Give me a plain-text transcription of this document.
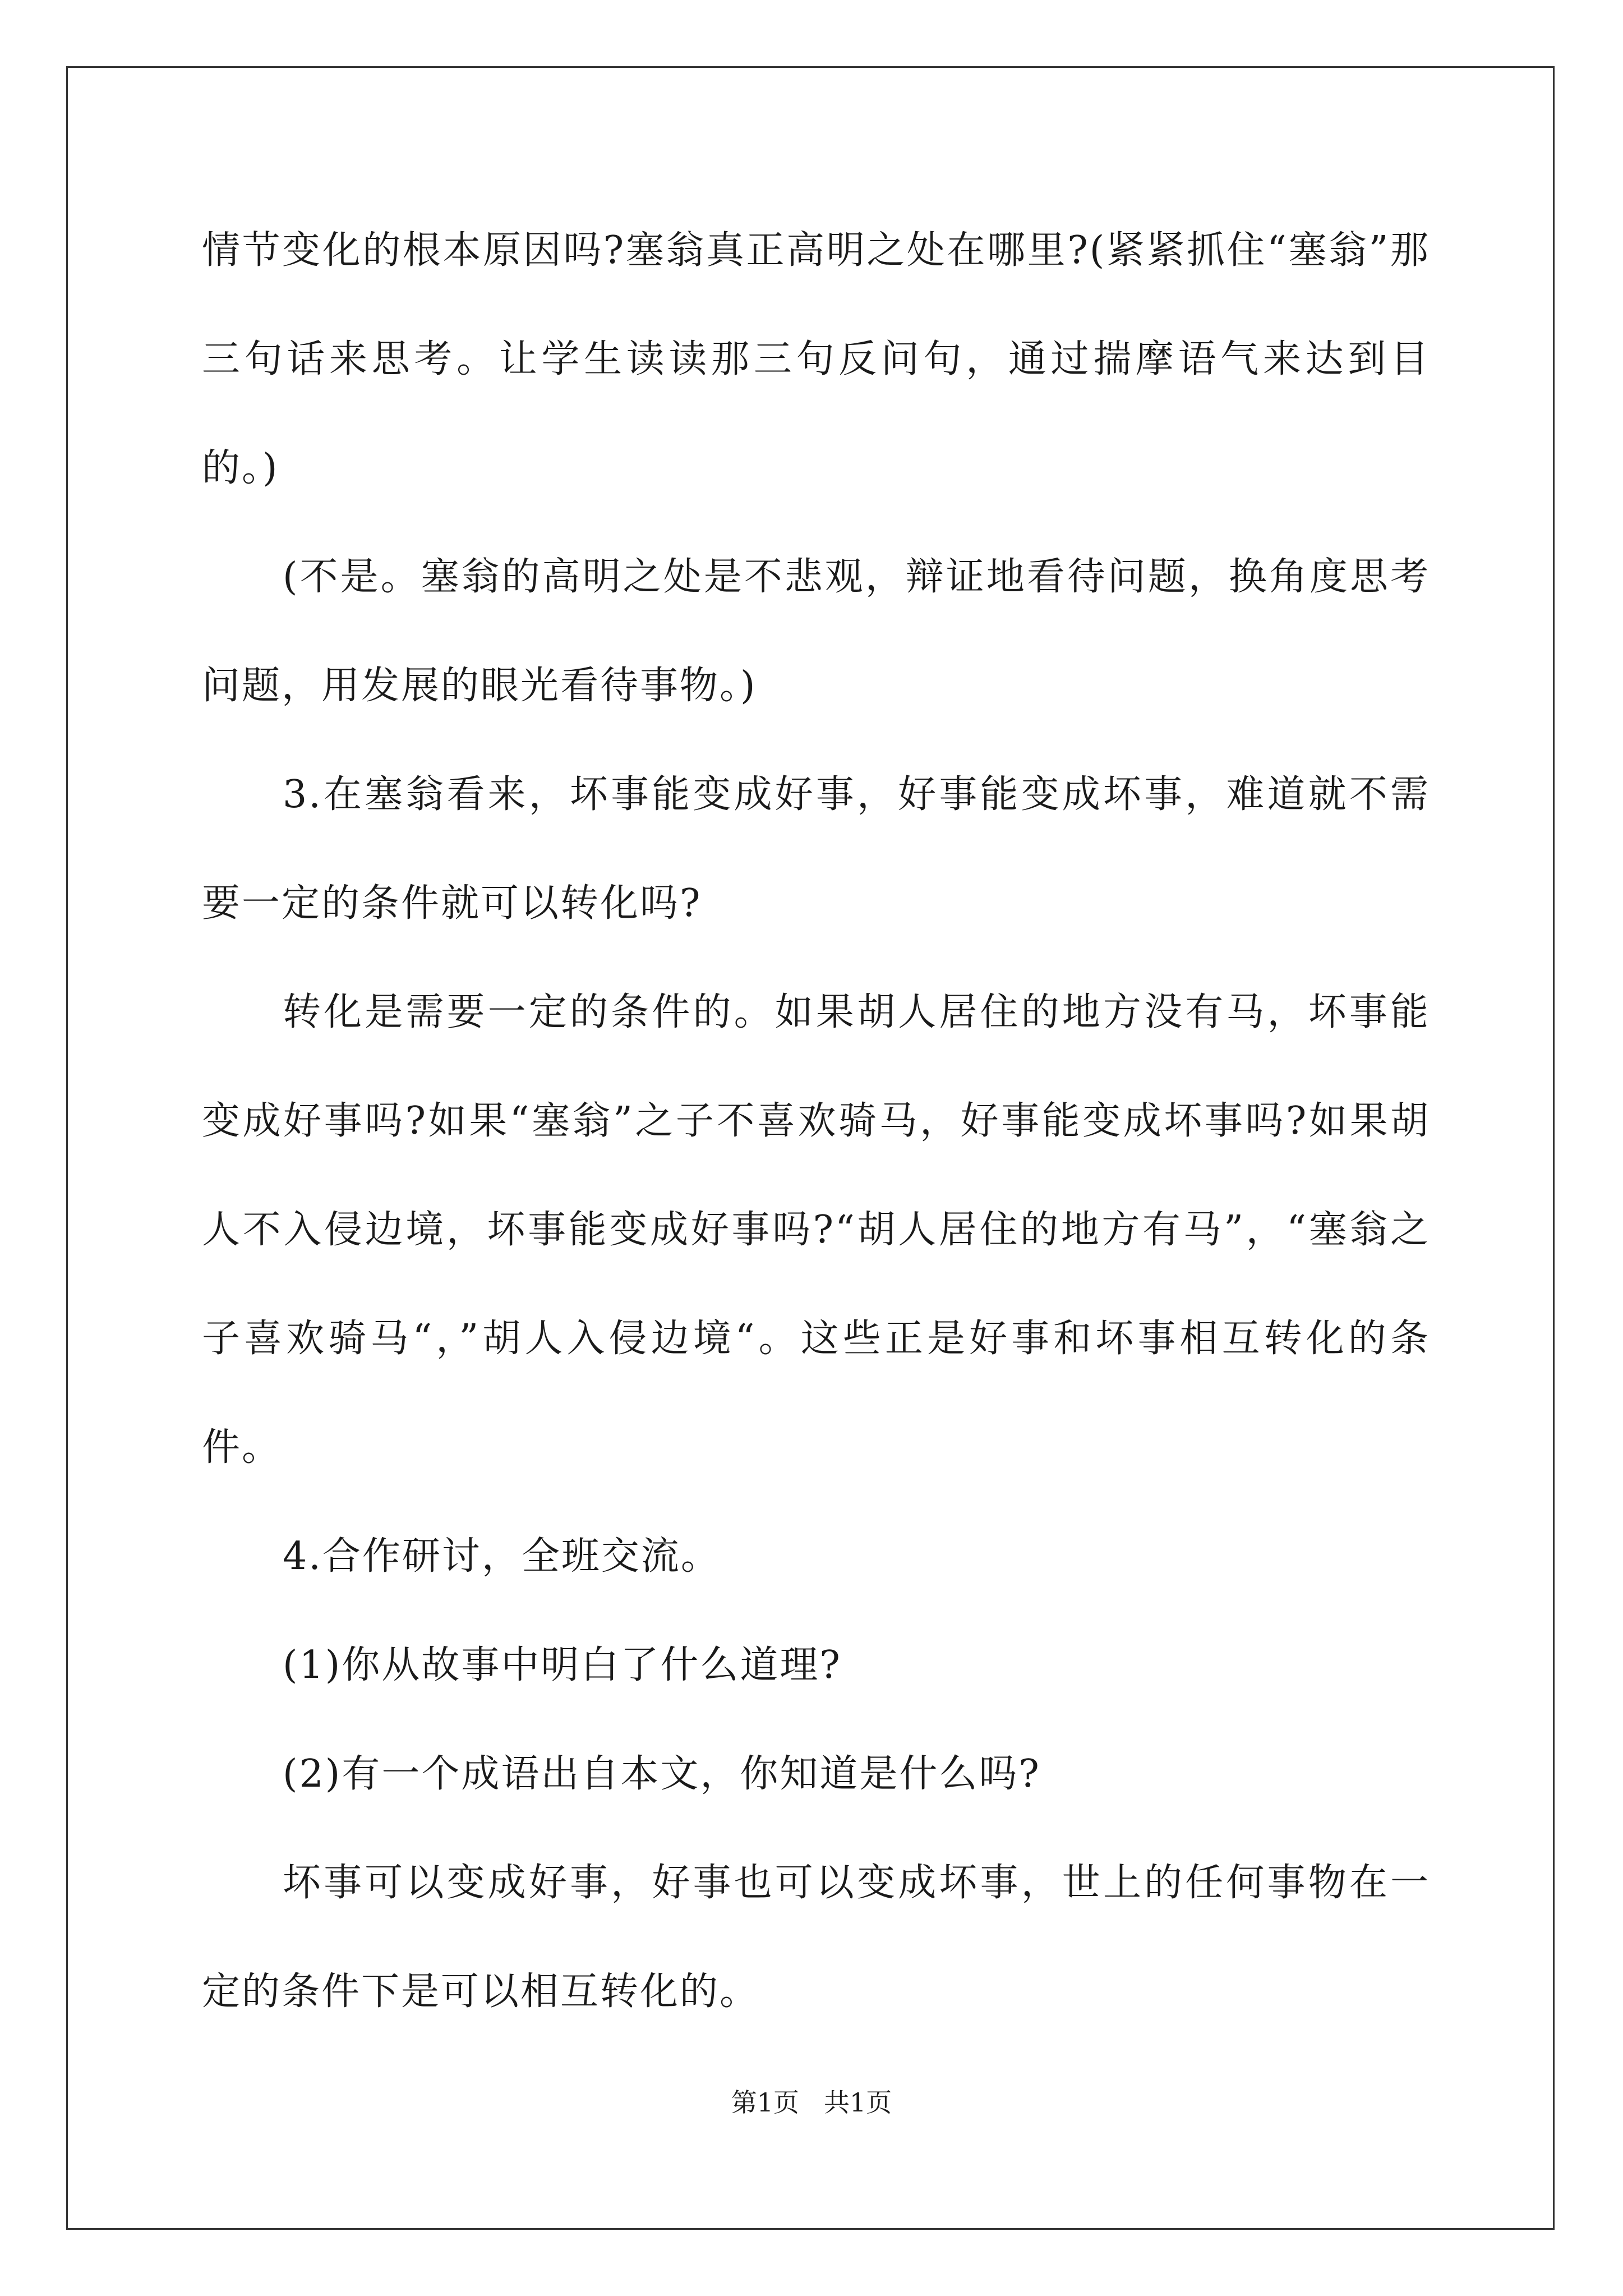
情节变化的根本原因吗?塞翁真正高明之处在哪里?(紧紧抓住“塞翁”那三句话来思考。让学生读读那三句反问句，通过揣摩语气来达到目的。)

(不是。塞翁的高明之处是不悲观，辩证地看待问题，换角度思考问题，用发展的眼光看待事物。)

3.在塞翁看来，坏事能变成好事，好事能变成坏事，难道就不需要一定的条件就可以转化吗?

转化是需要一定的条件的。如果胡人居住的地方没有马，坏事能变成好事吗?如果“塞翁”之子不喜欢骑马，好事能变成坏事吗?如果胡人不入侵边境，坏事能变成好事吗?“胡人居住的地方有马”，“塞翁之子喜欢骑马“，”胡人入侵边境“。这些正是好事和坏事相互转化的条件。

4.合作研讨，全班交流。

(1)你从故事中明白了什么道理?

(2)有一个成语出自本文，你知道是什么吗?

坏事可以变成好事，好事也可以变成坏事，世上的任何事物在一定的条件下是可以相互转化的。

第1页 共1页
